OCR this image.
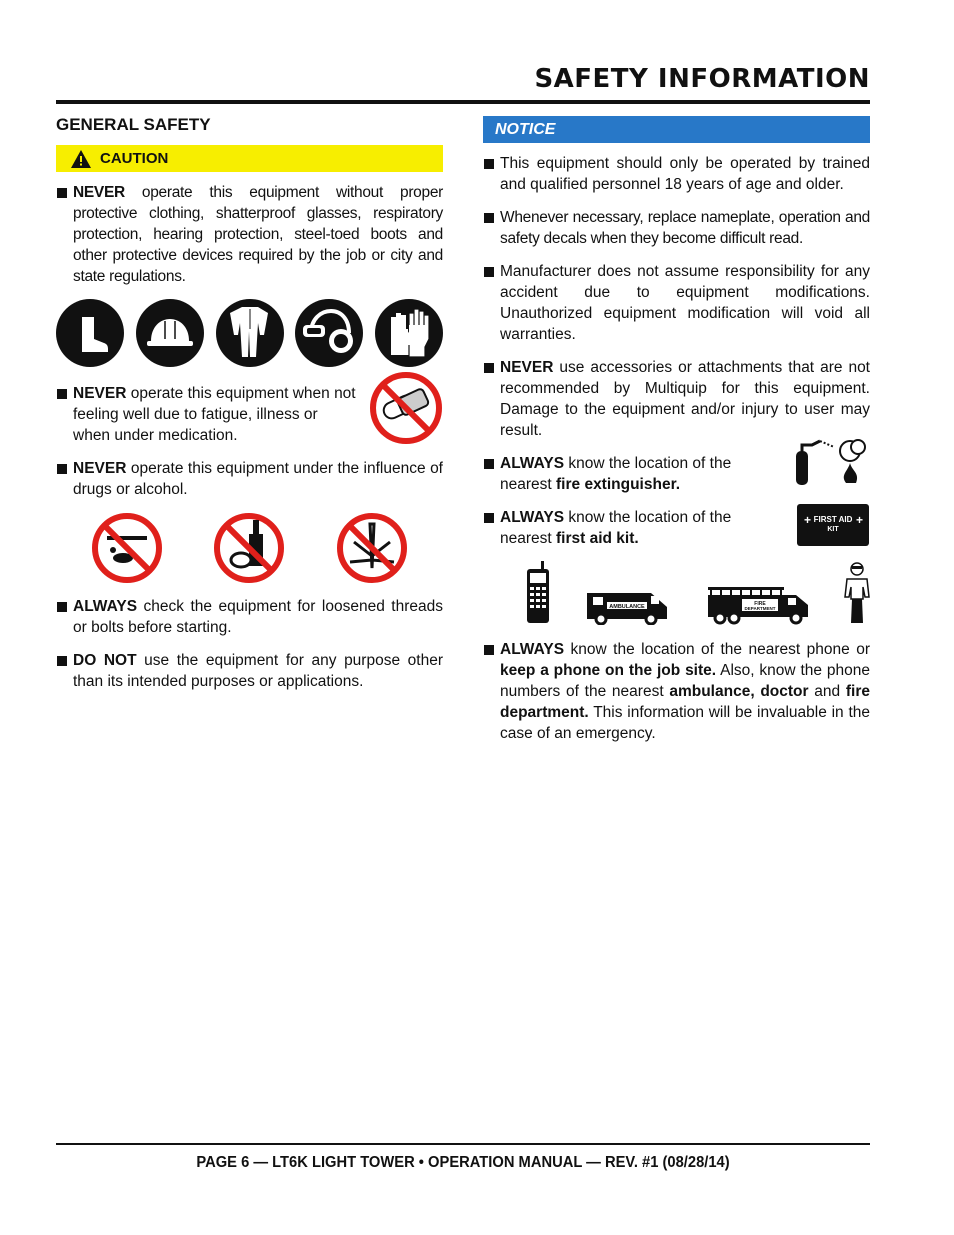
SAFETY INFORMATION
GENERAL SAFETY
CAUTION
NEVER operate this equipment without proper protective clothing, shatterproof glasses, respiratory protection, hearing protection, steel-toed boots and other protective devices required by the job or city and state regulations.
NEVER operate this equipment when not feeling well due to fatigue, illness or when under medication.
NEVER operate this equipment under the influence of drugs or alcohol.
ALWAYS check the equipment for loosened threads or bolts before starting.
DO NOT use the equipment for any purpose other than its intended purposes or applications.
NOTICE
This equipment should only be operated by trained and qualified personnel 18 years of age and older.
Whenever necessary, replace nameplate, operation and safety decals when they become difficult read.
Manufacturer does not assume responsibility for any accident due to equipment modifications. Unauthorized equipment modification will void all warranties.
NEVER use accessories or attachments that are not recommended by Multiquip for this equipment. Damage to the equipment and/or injury to user may result.
ALWAYS know the location of the nearest fire extinguisher.
ALWAYS know the location of the nearest first aid kit.
FIRST AID
KIT
+	+
AMBULANCE	FIRE
DEPARTMENT
ALWAYS know the location of the nearest phone or keep a phone on the job site. Also, know the phone numbers of the nearest ambulance, doctor and fire department. This information will be invaluable in the case of an emergency.
PAGE 6 — LT6K LIGHT TOWER • OPERATION MANUAL — REV. #1 (08/28/14)
